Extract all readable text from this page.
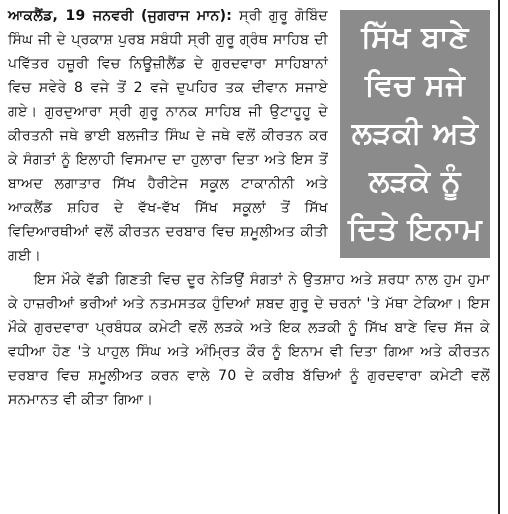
ਸਿੱਖ ਬਾਣੇ
ਵਿਚ ਸਜੇ
ਲੜਕੀ ਅਤੇ
ਲੜਕੇ ਨੂੰ
ਦਿਤੇ ਇਨਾਮ

ਆਕਲੈਂਡ, 19 ਜਨਵਰੀ (ਜੁਗਰਾਜ ਮਾਨ): ਸ੍ਰੀ ਗੁਰੂ ਗੋਬਿੰਦ ਸਿੰਘ ਜੀ ਦੇ ਪ੍ਰਕਾਸ਼ ਪੁਰਬ ਸਬੰਧੀ ਸ੍ਰੀ ਗੁਰੂ ਗ੍ਰੰਥ ਸਾਹਿਬ ਦੀ ਪਵਿੱਤਰ ਹਜ਼ੂਰੀ ਵਿਚ ਨਿਊਜ਼ੀਲੈਂਡ ਦੇ ਗੁਰਦਵਾਰਾ ਸਾਹਿਬਾਨਾਂ ਵਿਚ ਸਵੇਰੇ 8 ਵਜੇ ਤੋਂ 2 ਵਜੇ ਦੁਪਹਿਰ ਤਕ ਦੀਵਾਨ ਸਜਾਏ ਗਏ। ਗੁਰਦੁਆਰਾ ਸ੍ਰੀ ਗੁਰੂ ਨਾਨਕ ਸਾਹਿਬ ਜੀ ਉਟਾਹੂਹੂ ਦੇ ਕੀਰਤਨੀ ਜਥੇ ਭਾਈ ਬਲਜੀਤ ਸਿੰਘ ਦੇ ਜਥੇ ਵਲੋਂ ਕੀਰਤਨ ਕਰ ਕੇ ਸੰਗਤਾਂ ਨੂੰ ਇਲਾਹੀ ਵਿਸਮਾਦ ਦਾ ਹੁਲਾਰਾ ਦਿਤਾ ਅਤੇ ਇਸ ਤੋਂ ਬਾਅਦ ਲਗਾਤਾਰ ਸਿੱਖ ਹੈਰੀਟੇਜ ਸਕੂਲ ਟਾਕਾਨੀਨੀ ਅਤੇ ਆਕਲੈਂਡ ਸ਼ਹਿਰ ਦੇ ਵੱਖ-ਵੱਖ ਸਿੱਖ ਸਕੂਲਾਂ ਤੋਂ ਸਿੱਖ ਵਿਦਿਆਰਥੀਆਂ ਵਲੋਂ ਕੀਰਤਨ ਦਰਬਾਰ ਵਿਚ ਸ਼ਮੂਲੀਅਤ ਕੀਤੀ ਗਈ।

ਇਸ ਮੌਕੇ ਵੱਡੀ ਗਿਣਤੀ ਵਿਚ ਦੂਰ ਨੇੜਿਉਂ ਸੰਗਤਾਂ ਨੇ ਉਤਸ਼ਾਹ ਅਤੇ ਸ਼ਰਧਾ ਨਾਲ ਹੁਮ ਹੁਮਾ ਕੇ ਹਾਜ਼ਰੀਆਂ ਭਰੀਆਂ ਅਤੇ ਨਤਮਸਤਕ ਹੁੰਦਿਆਂ ਸ਼ਬਦ ਗੁਰੂ ਦੇ ਚਰਨਾਂ 'ਤੇ ਮੱਥਾ ਟੇਕਿਆ। ਇਸ ਮੌਕੇ ਗੁਰਦਵਾਰਾ ਪ੍ਰਬੰਧਕ ਕਮੇਟੀ ਵਲੋਂ ਲੜਕੇ ਅਤੇ ਇਕ ਲੜਕੀ ਨੂੰ ਸਿੱਖ ਬਾਣੇ ਵਿਚ ਸੱਜ ਕੇ ਵਧੀਆ ਹੋਣ 'ਤੇ ਪਾਹੁਲ ਸਿੰਘ ਅਤੇ ਅੰਮ੍ਰਿਤ ਕੌਰ ਨੂੰ ਇਨਾਮ ਵੀ ਦਿਤਾ ਗਿਆ ਅਤੇ ਕੀਰਤਨ ਦਰਬਾਰ ਵਿਚ ਸ਼ਮੂਲੀਅਤ ਕਰਨ ਵਾਲੇ 70 ਦੇ ਕਰੀਬ ਬੱਚਿਆਂ ਨੂੰ ਗੁਰਦਵਾਰਾ ਕਮੇਟੀ ਵਲੋਂ ਸਨਮਾਨਤ ਵੀ ਕੀਤਾ ਗਿਆ।
